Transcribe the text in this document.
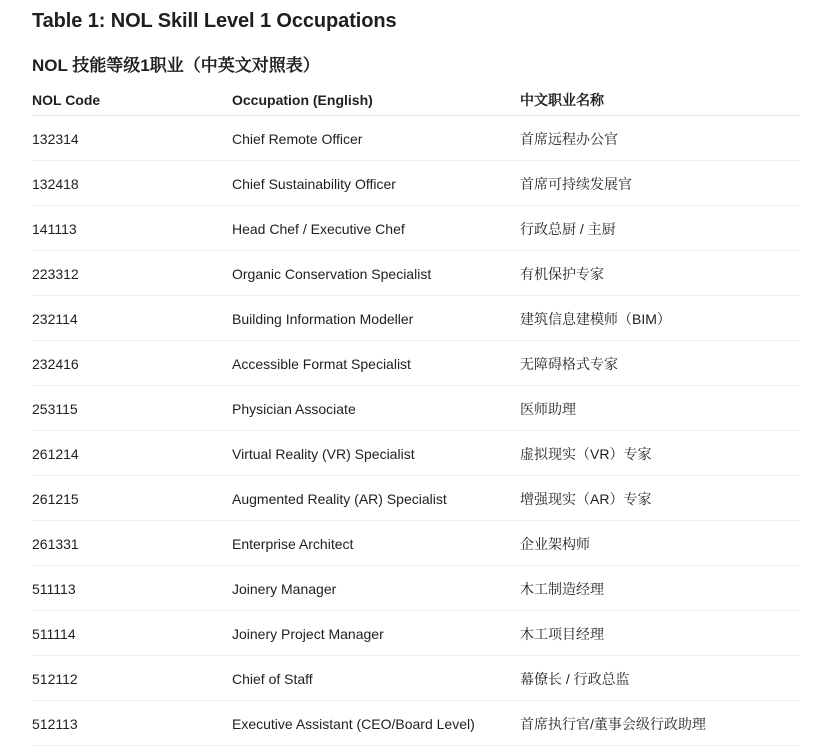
Table 1: NOL Skill Level 1 Occupations
NOL 技能等级1职业（中英文对照表）
NOL Code	Occupation (English)	中文职业名称
132314	Chief Remote Officer	首席远程办公官
132418	Chief Sustainability Officer	首席可持续发展官
141113	Head Chef / Executive Chef	行政总厨 / 主厨
223312	Organic Conservation Specialist	有机保护专家
232114	Building Information Modeller	建筑信息建模师（BIM）
232416	Accessible Format Specialist	无障碍格式专家
253115	Physician Associate	医师助理
261214	Virtual Reality (VR) Specialist	虚拟现实（VR）专家
261215	Augmented Reality (AR) Specialist	增强现实（AR）专家
261331	Enterprise Architect	企业架构师
511113	Joinery Manager	木工制造经理
511114	Joinery Project Manager	木工项目经理
512112	Chief of Staff	幕僚长 / 行政总监
512113	Executive Assistant (CEO/Board Level)	首席执行官/董事会级行政助理
